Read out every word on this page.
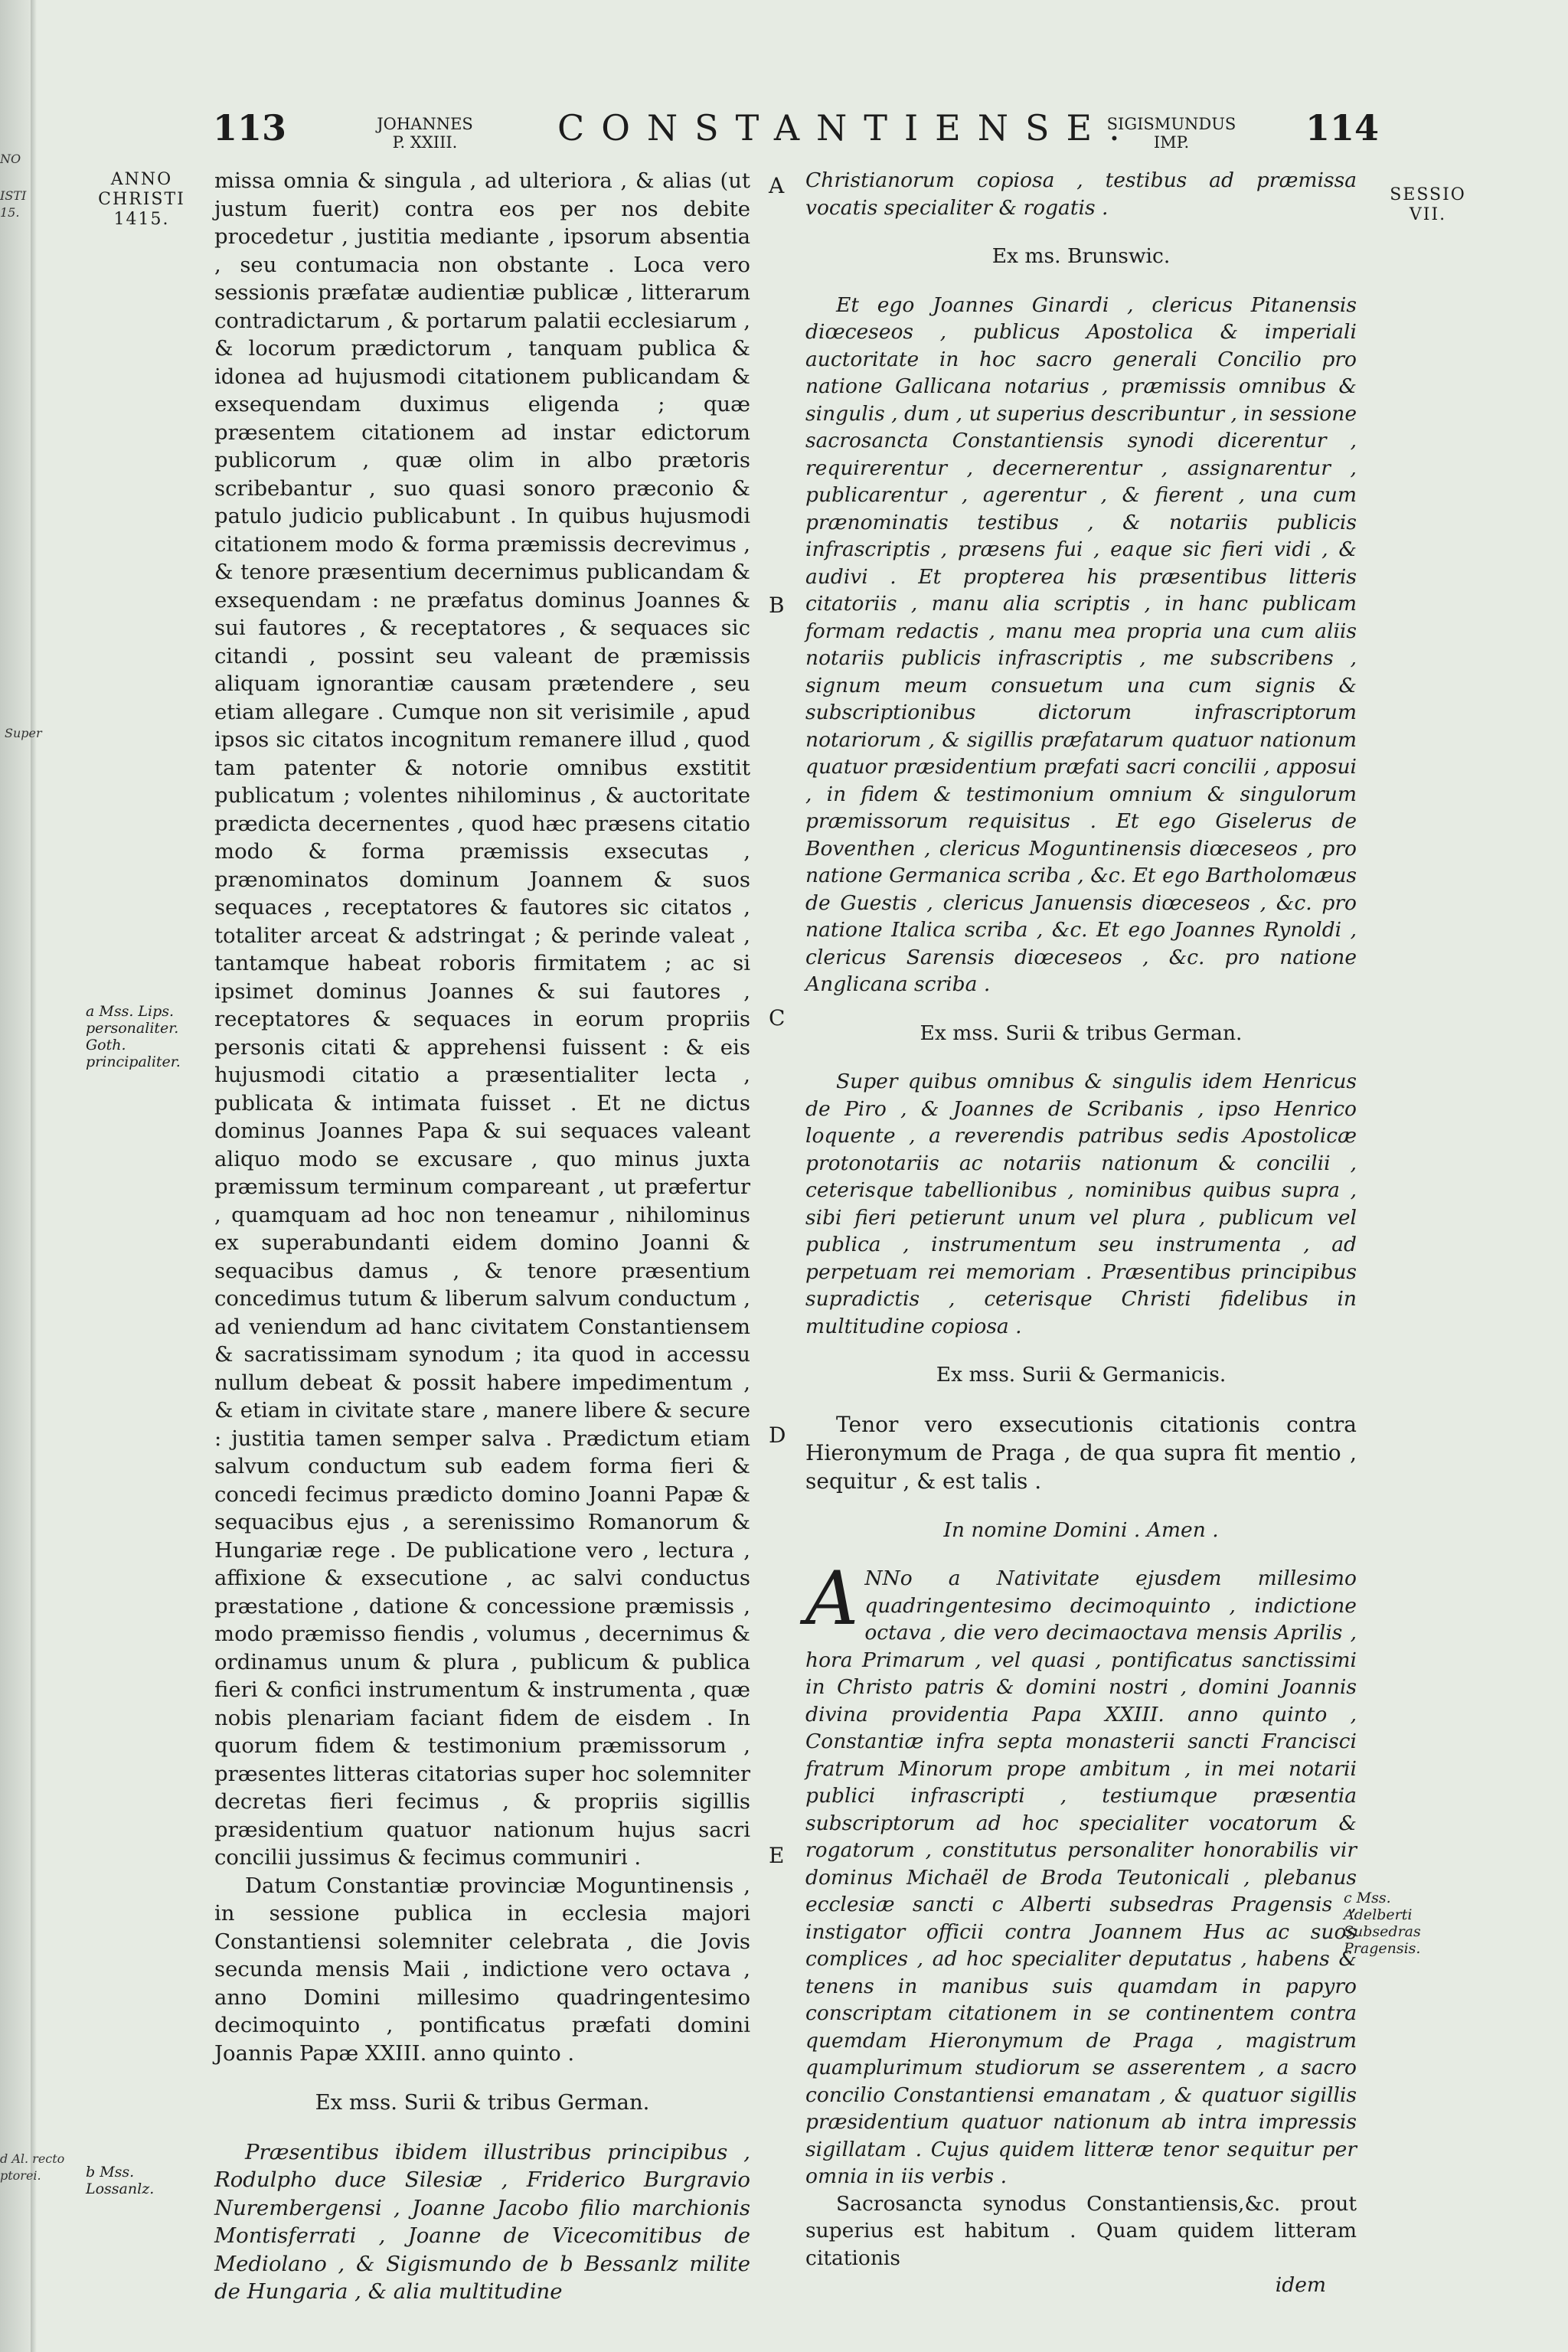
NO
ISTI
15.
Super
d Al. recto
ptorei.
113	JOHANNES
P. XXIII.	CONSTANTIENSE.
SIGISMUNDUS
IMP.	114
ANNO
CHRISTI
1415.
SESSIO
VII.
a Mss. Lips. personaliter. Goth. principaliter.
b Mss. Lossanlz.
c Mss. Adelberti Subsedras Pragensis.
A
B
C
D
E

missa omnia & singula , ad ulteriora , & alias (ut justum fuerit) contra eos per nos debite procedetur , justitia mediante , ipsorum absentia , seu contumacia non obstante . Loca vero sessionis præfatæ audientiæ publicæ , litterarum contradictarum , & portarum palatii ecclesiarum , & locorum prædictorum , tanquam publica & idonea ad hujusmodi citationem publicandam & exsequendam duximus eligenda ; quæ præsentem citationem ad instar edictorum publicorum , quæ olim in albo prætoris scribebantur , suo quasi sonoro præconio & patulo judicio publicabunt . In quibus hujusmodi citationem modo & forma præmissis decrevimus , & tenore præsentium decernimus publicandam & exsequendam : ne præfatus dominus Joannes & sui fautores , & receptatores , & sequaces sic citandi , possint seu valeant de præmissis aliquam ignorantiæ causam prætendere , seu etiam allegare . Cumque non sit verisimile , apud ipsos sic citatos incognitum remanere illud , quod tam patenter & notorie omnibus exstitit publicatum ; volentes nihilominus , & auctoritate prædicta decernentes , quod hæc præsens citatio modo & forma præmissis exsecutas , prænominatos dominum Joannem & suos sequaces , receptatores & fautores sic citatos , totaliter arceat & adstringat ; & perinde valeat , tantamque habeat roboris firmitatem ; ac si ipsimet dominus Joannes & sui fautores , receptatores & sequaces in eorum propriis personis citati & apprehensi fuissent : & eis hujusmodi citatio a præsentialiter lecta , publicata & intimata fuisset . Et ne dictus dominus Joannes Papa & sui sequaces valeant aliquo modo se excusare , quo minus juxta præmissum terminum compareant , ut præfertur , quamquam ad hoc non teneamur , nihilominus ex superabundanti eidem domino Joanni & sequacibus damus , & tenore præsentium concedimus tutum & liberum salvum conductum , ad veniendum ad hanc civitatem Constantiensem & sacratissimam synodum ; ita quod in accessu nullum debeat & possit habere impedimentum , & etiam in civitate stare , manere libere & secure : justitia tamen semper salva . Prædictum etiam salvum conductum sub eadem forma fieri & concedi fecimus prædicto domino Joanni Papæ & sequacibus ejus , a serenissimo Romanorum & Hungariæ rege . De publicatione vero , lectura , affixione & exsecutione , ac salvi conductus præstatione , datione & concessione præmissis , modo præmisso fiendis , volumus , decernimus & ordinamus unum & plura , publicum & publica fieri & confici instrumentum & instrumenta , quæ nobis plenariam faciant fidem de eisdem . In quorum fidem & testimonium præmissorum , præsentes litteras citatorias super hoc solemniter decretas fieri fecimus , & propriis sigillis præsidentium quatuor nationum hujus sacri concilii jussimus & fecimus communiri .

Datum Constantiæ provinciæ Moguntinensis , in sessione publica in ecclesia majori Constantiensi solemniter celebrata , die Jovis secunda mensis Maii , indictione vero octava , anno Domini millesimo quadringentesimo decimoquinto , pontificatus præfati domini Joannis Papæ XXIII. anno quinto .

Ex mss. Surii & tribus German.

Præsentibus ibidem illustribus principibus , Rodulpho duce Silesiæ , Friderico Burgravio Nurembergensi , Joanne Jacobo filio marchionis Montisferrati , Joanne de Vicecomitibus de Mediolano , & Sigismundo de b Bessanlz milite de Hungaria , & alia multitudine

Christianorum copiosa , testibus ad præmissa vocatis specialiter & rogatis .

Ex ms. Brunswic.

Et ego Joannes Ginardi , clericus Pitanensis diœceseos , publicus Apostolica & imperiali auctoritate in hoc sacro generali Concilio pro natione Gallicana notarius , præmissis omnibus & singulis , dum , ut superius describuntur , in sessione sacrosancta Constantiensis synodi dicerentur , requirerentur , decernerentur , assignarentur , publicarentur , agerentur , & fierent , una cum prænominatis testibus , & notariis publicis infrascriptis , præsens fui , eaque sic fieri vidi , & audivi . Et propterea his præsentibus litteris citatoriis , manu alia scriptis , in hanc publicam formam redactis , manu mea propria una cum aliis notariis publicis infrascriptis , me subscribens , signum meum consuetum una cum signis & subscriptionibus dictorum infrascriptorum notariorum , & sigillis præfatarum quatuor nationum quatuor præsidentium præfati sacri concilii , apposui , in fidem & testimonium omnium & singulorum præmissorum requisitus . Et ego Giselerus de Boventhen , clericus Moguntinensis diœceseos , pro natione Germanica scriba , &c. Et ego Bartholomæus de Guestis , clericus Januensis diœceseos , &c. pro natione Italica scriba , &c. Et ego Joannes Rynoldi , clericus Sarensis diœceseos , &c. pro natione Anglicana scriba .

Ex mss. Surii & tribus German.

Super quibus omnibus & singulis idem Henricus de Piro , & Joannes de Scribanis , ipso Henrico loquente , a reverendis patribus sedis Apostolicæ protonotariis ac notariis nationum & concilii , ceterisque tabellionibus , nominibus quibus supra , sibi fieri petierunt unum vel plura , publicum vel publica , instrumentum seu instrumenta , ad perpetuam rei memoriam . Præsentibus principibus supradictis , ceterisque Christi fidelibus in multitudine copiosa .

Ex mss. Surii & Germanicis.

Tenor vero exsecutionis citationis contra Hieronymum de Praga , de qua supra fit mentio , sequitur , & est talis .

In nomine Domini . Amen .

A NNo a Nativitate ejusdem millesimo quadringentesimo decimoquinto , indictione octava , die vero decimaoctava mensis Aprilis , hora Primarum , vel quasi , pontificatus sanctissimi in Christo patris & domini nostri , domini Joannis divina providentia Papa XXIII. anno quinto , Constantiæ infra septa monasterii sancti Francisci fratrum Minorum prope ambitum , in mei notarii publici infrascripti , testiumque præsentia subscriptorum ad hoc specialiter vocatorum & rogatorum , constitutus personaliter honorabilis vir dominus Michaël de Broda Teutonicali , plebanus ecclesiæ sancti c Alberti subsedras Pragensis , instigator officii contra Joannem Hus ac suos complices , ad hoc specialiter deputatus , habens & tenens in manibus suis quamdam in papyro conscriptam citationem in se continentem contra quemdam Hieronymum de Praga , magistrum quamplurimum studiorum se asserentem , a sacro concilio Constantiensi emanatam , & quatuor sigillis præsidentium quatuor nationum ab intra impressis sigillatam . Cujus quidem litteræ tenor sequitur per omnia in iis verbis .

Sacrosancta synodus Constantiensis,&c. prout superius est habitum . Quam quidem litteram citationis

idem
